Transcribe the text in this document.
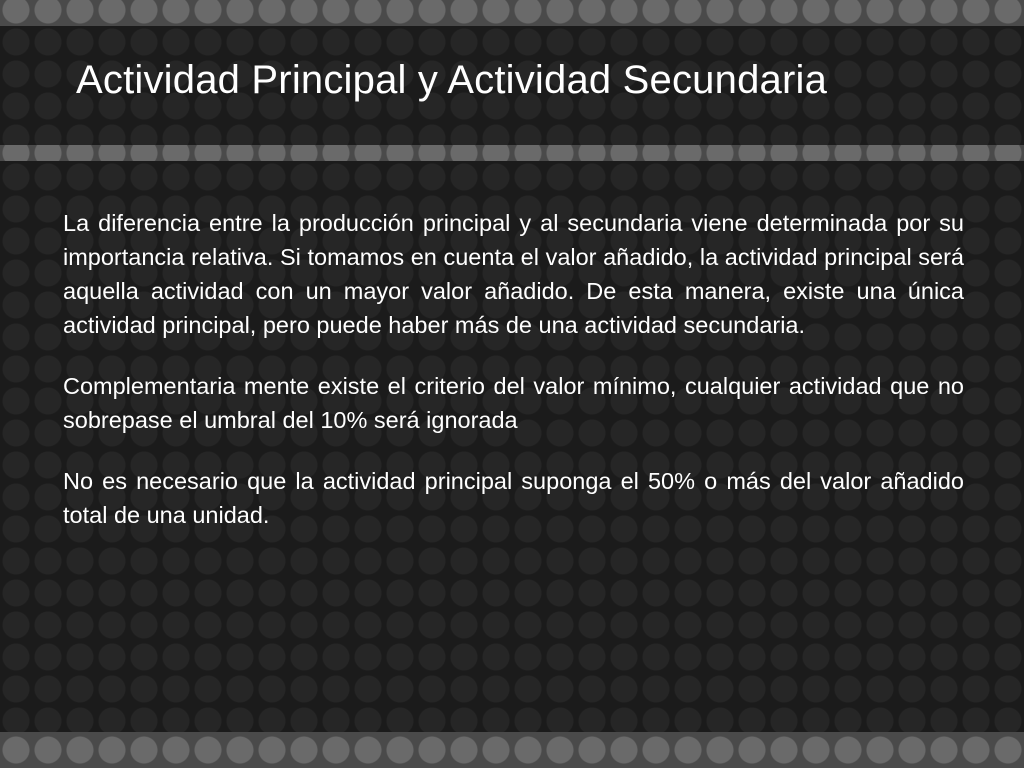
Actividad Principal y Actividad Secundaria

La diferencia entre la producción principal y al secundaria viene determinada por su importancia relativa. Si tomamos en cuenta el valor añadido, la actividad principal será aquella actividad con un mayor valor añadido. De esta manera, existe una única actividad principal, pero puede haber más de una actividad secundaria.

Complementaria mente existe el criterio del valor mínimo, cualquier actividad que no sobrepase el umbral del 10% será ignorada

No es necesario que la actividad principal suponga el 50% o más del valor añadido total de una unidad.
